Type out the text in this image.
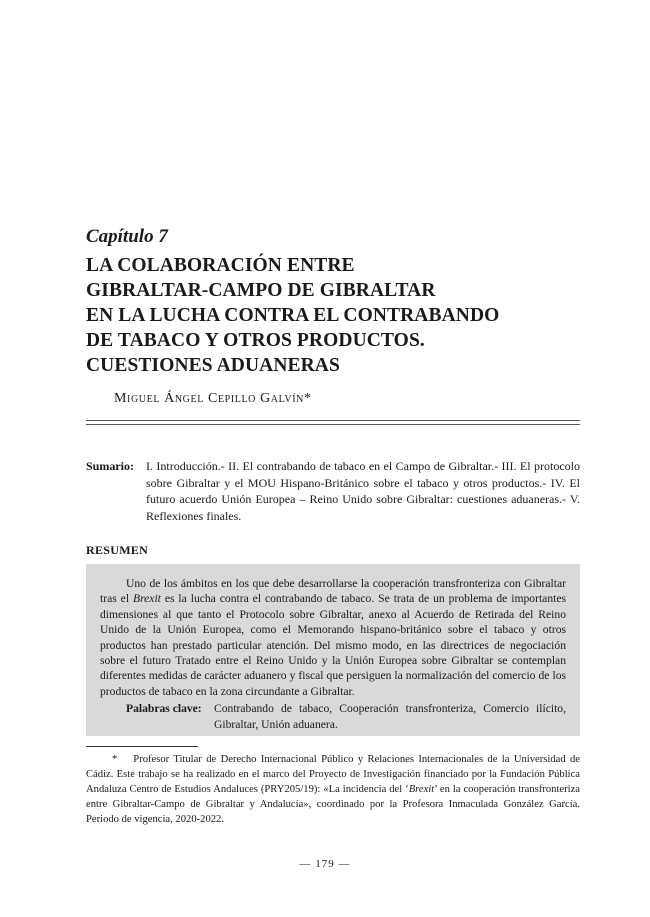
Capítulo 7
LA COLABORACIÓN ENTRE
GIBRALTAR-CAMPO DE GIBRALTAR
EN LA LUCHA CONTRA EL CONTRABANDO
DE TABACO Y OTROS PRODUCTOS.
CUESTIONES ADUANERAS
Miguel Ángel Cepillo Galvín*
Sumario:	I. Introducción.- II. El contrabando de tabaco en el Campo de Gibraltar.- III. El protocolo sobre Gibraltar y el MOU Hispano-Británico sobre el tabaco y otros productos.- IV. El futuro acuerdo Unión Europea – Reino Unido sobre Gibraltar: cuestiones aduaneras.- V. Reflexiones finales.
RESUMEN

Uno de los ámbitos en los que debe desarrollarse la cooperación transfronteriza con Gibraltar tras el Brexit es la lucha contra el contrabando de tabaco. Se trata de un problema de importantes dimensiones al que tanto el Protocolo sobre Gibraltar, anexo al Acuerdo de Retirada del Reino Unido de la Unión Europea, como el Memorando hispano-británico sobre el tabaco y otros productos han prestado particular atención. Del mismo modo, en las directrices de negociación sobre el futuro Tratado entre el Reino Unido y la Unión Europea sobre Gibraltar se contemplan diferentes medidas de carácter aduanero y fiscal que persiguen la normalización del comercio de los productos de tabaco en la zona circundante a Gibraltar.

Palabras clave:	Contrabando de tabaco, Cooperación transfronteriza, Comercio ilícito, Gibraltar, Unión aduanera.
* Profesor Titular de Derecho Internacional Público y Relaciones Internacionales de la Universidad de Cádiz. Este trabajo se ha realizado en el marco del Proyecto de Investigación financiado por la Fundación Pública Andaluza Centro de Estudios Andaluces (PRY205/19): «La incidencia del ‘Brexit’ en la cooperación transfronteriza entre Gibraltar-Campo de Gibraltar y Andalucía», coordinado por la Profesora Inmaculada González García. Periodo de vigencia, 2020-2022.
— 179 —
